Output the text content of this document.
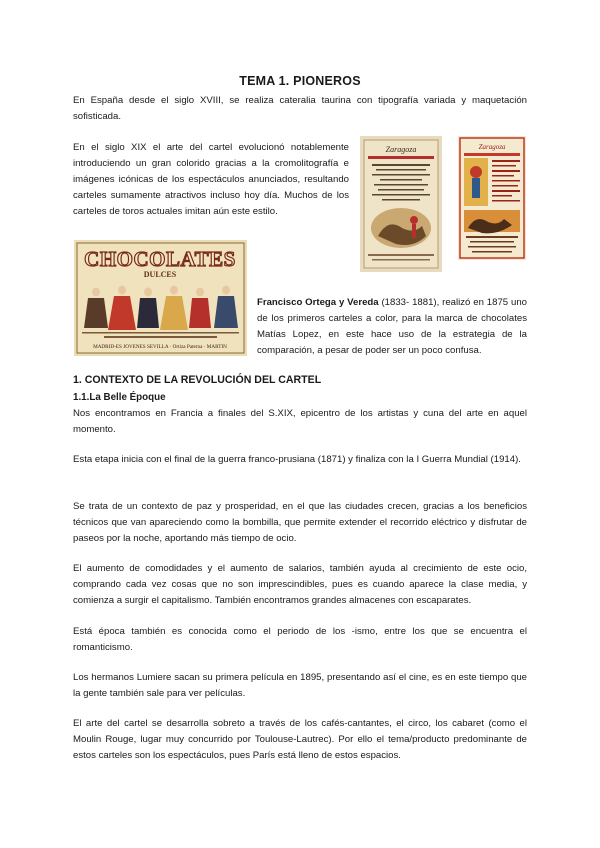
TEMA 1. PIONEROS
En España desde el siglo XVIII, se realiza cateralia taurina con tipografía variada y maquetación sofisticada.
En el siglo XIX el arte del cartel evolucionó notablemente introduciendo un gran colorido gracias a la cromolitografía e imágenes icónicas de los espectáculos anunciados, resultando carteles sumamente atractivos incluso hoy día. Muchos de los carteles de toros actuales imitan aún este estilo.
Zaragoza	Zaragoza
CHOCOLATES
DULCES
MADRID-ES JOVENES SEVILLA · Ortiza Paterna · MARTIN
Francisco Ortega y Vereda (1833- 1881), realizó en 1875 uno de los primeros carteles a color, para la marca de chocolates Matías Lopez, en este hace uso de la estrategia de la comparación, a pesar de poder ser un poco confusa.
1. CONTEXTO DE LA REVOLUCIÓN DEL CARTEL
1.1.La Belle Époque
Nos encontramos en Francia a finales del S.XIX, epicentro de los artistas y cuna del arte en aquel momento.
Esta etapa inicia con el final de la guerra franco-prusiana (1871) y finaliza con la I Guerra Mundial (1914).
Se trata de un contexto de paz y prosperidad, en el que las ciudades crecen, gracias a los beneficios técnicos que van apareciendo como la bombilla, que permite extender el recorrido eléctrico y disfrutar de paseos por la noche, aportando más tiempo de ocio.
El aumento de comodidades y el aumento de salarios, también ayuda al crecimiento de este ocio, comprando cada vez cosas que no son imprescindibles, pues es cuando aparece la clase media, y comienza a surgir el capitalismo. También encontramos grandes almacenes con escaparates.
Está época también es conocida como el periodo de los -ismo, entre los que se encuentra el romanticismo.
Los hermanos Lumiere sacan su primera película en 1895, presentando así el cine, es en este tiempo que la gente también sale para ver películas.
El arte del cartel se desarrolla sobreto a través de los cafés-cantantes, el circo, los cabaret (como el Moulin Rouge, lugar muy concurrido por Toulouse-Lautrec). Por ello el tema/producto predominante de estos carteles son los espectáculos, pues París está lleno de estos espacios.
